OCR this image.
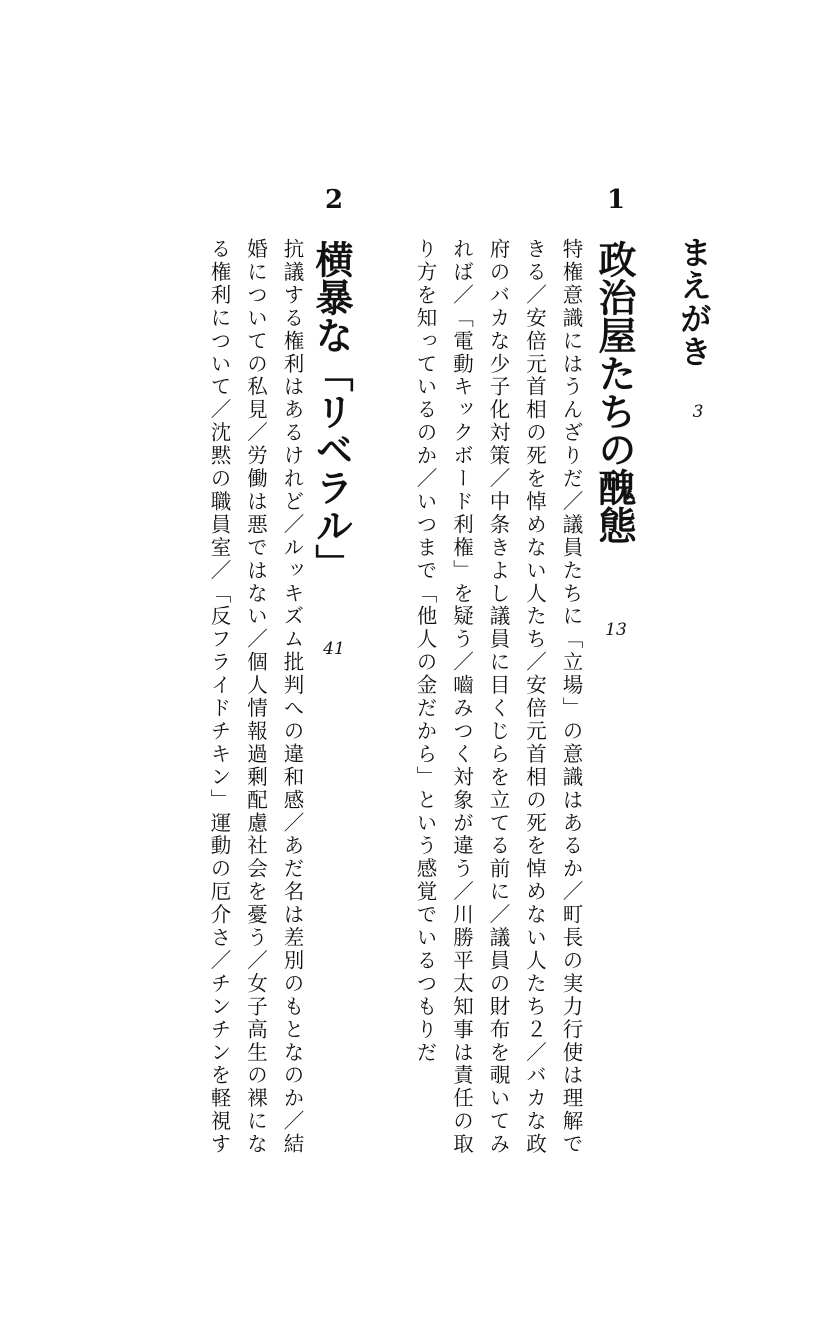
まえがき
3
1
政治屋たちの醜態
13
特権意識にはうんざりだ／議員たちに「立場」の意識はあるか／町長の実力行使は理解で
きる／安倍元首相の死を悼めない人たち／安倍元首相の死を悼めない人たち２／バカな政
府のバカな少子化対策／中条きよし議員に目くじらを立てる前に／議員の財布を覗いてみ
れば／「電動キックボード利権」を疑う／嚙みつく対象が違う／川勝平太知事は責任の取
り方を知っているのか／いつまで「他人の金だから」という感覚でいるつもりだ
2
横暴な「リベラル」
41
抗議する権利はあるけれど／ルッキズム批判への違和感／あだ名は差別のもとなのか／結
婚についての私見／労働は悪ではない／個人情報過剰配慮社会を憂う／女子高生の裸にな
る権利について／沈黙の職員室／「反フライドチキン」運動の厄介さ／チンチンを軽視す
